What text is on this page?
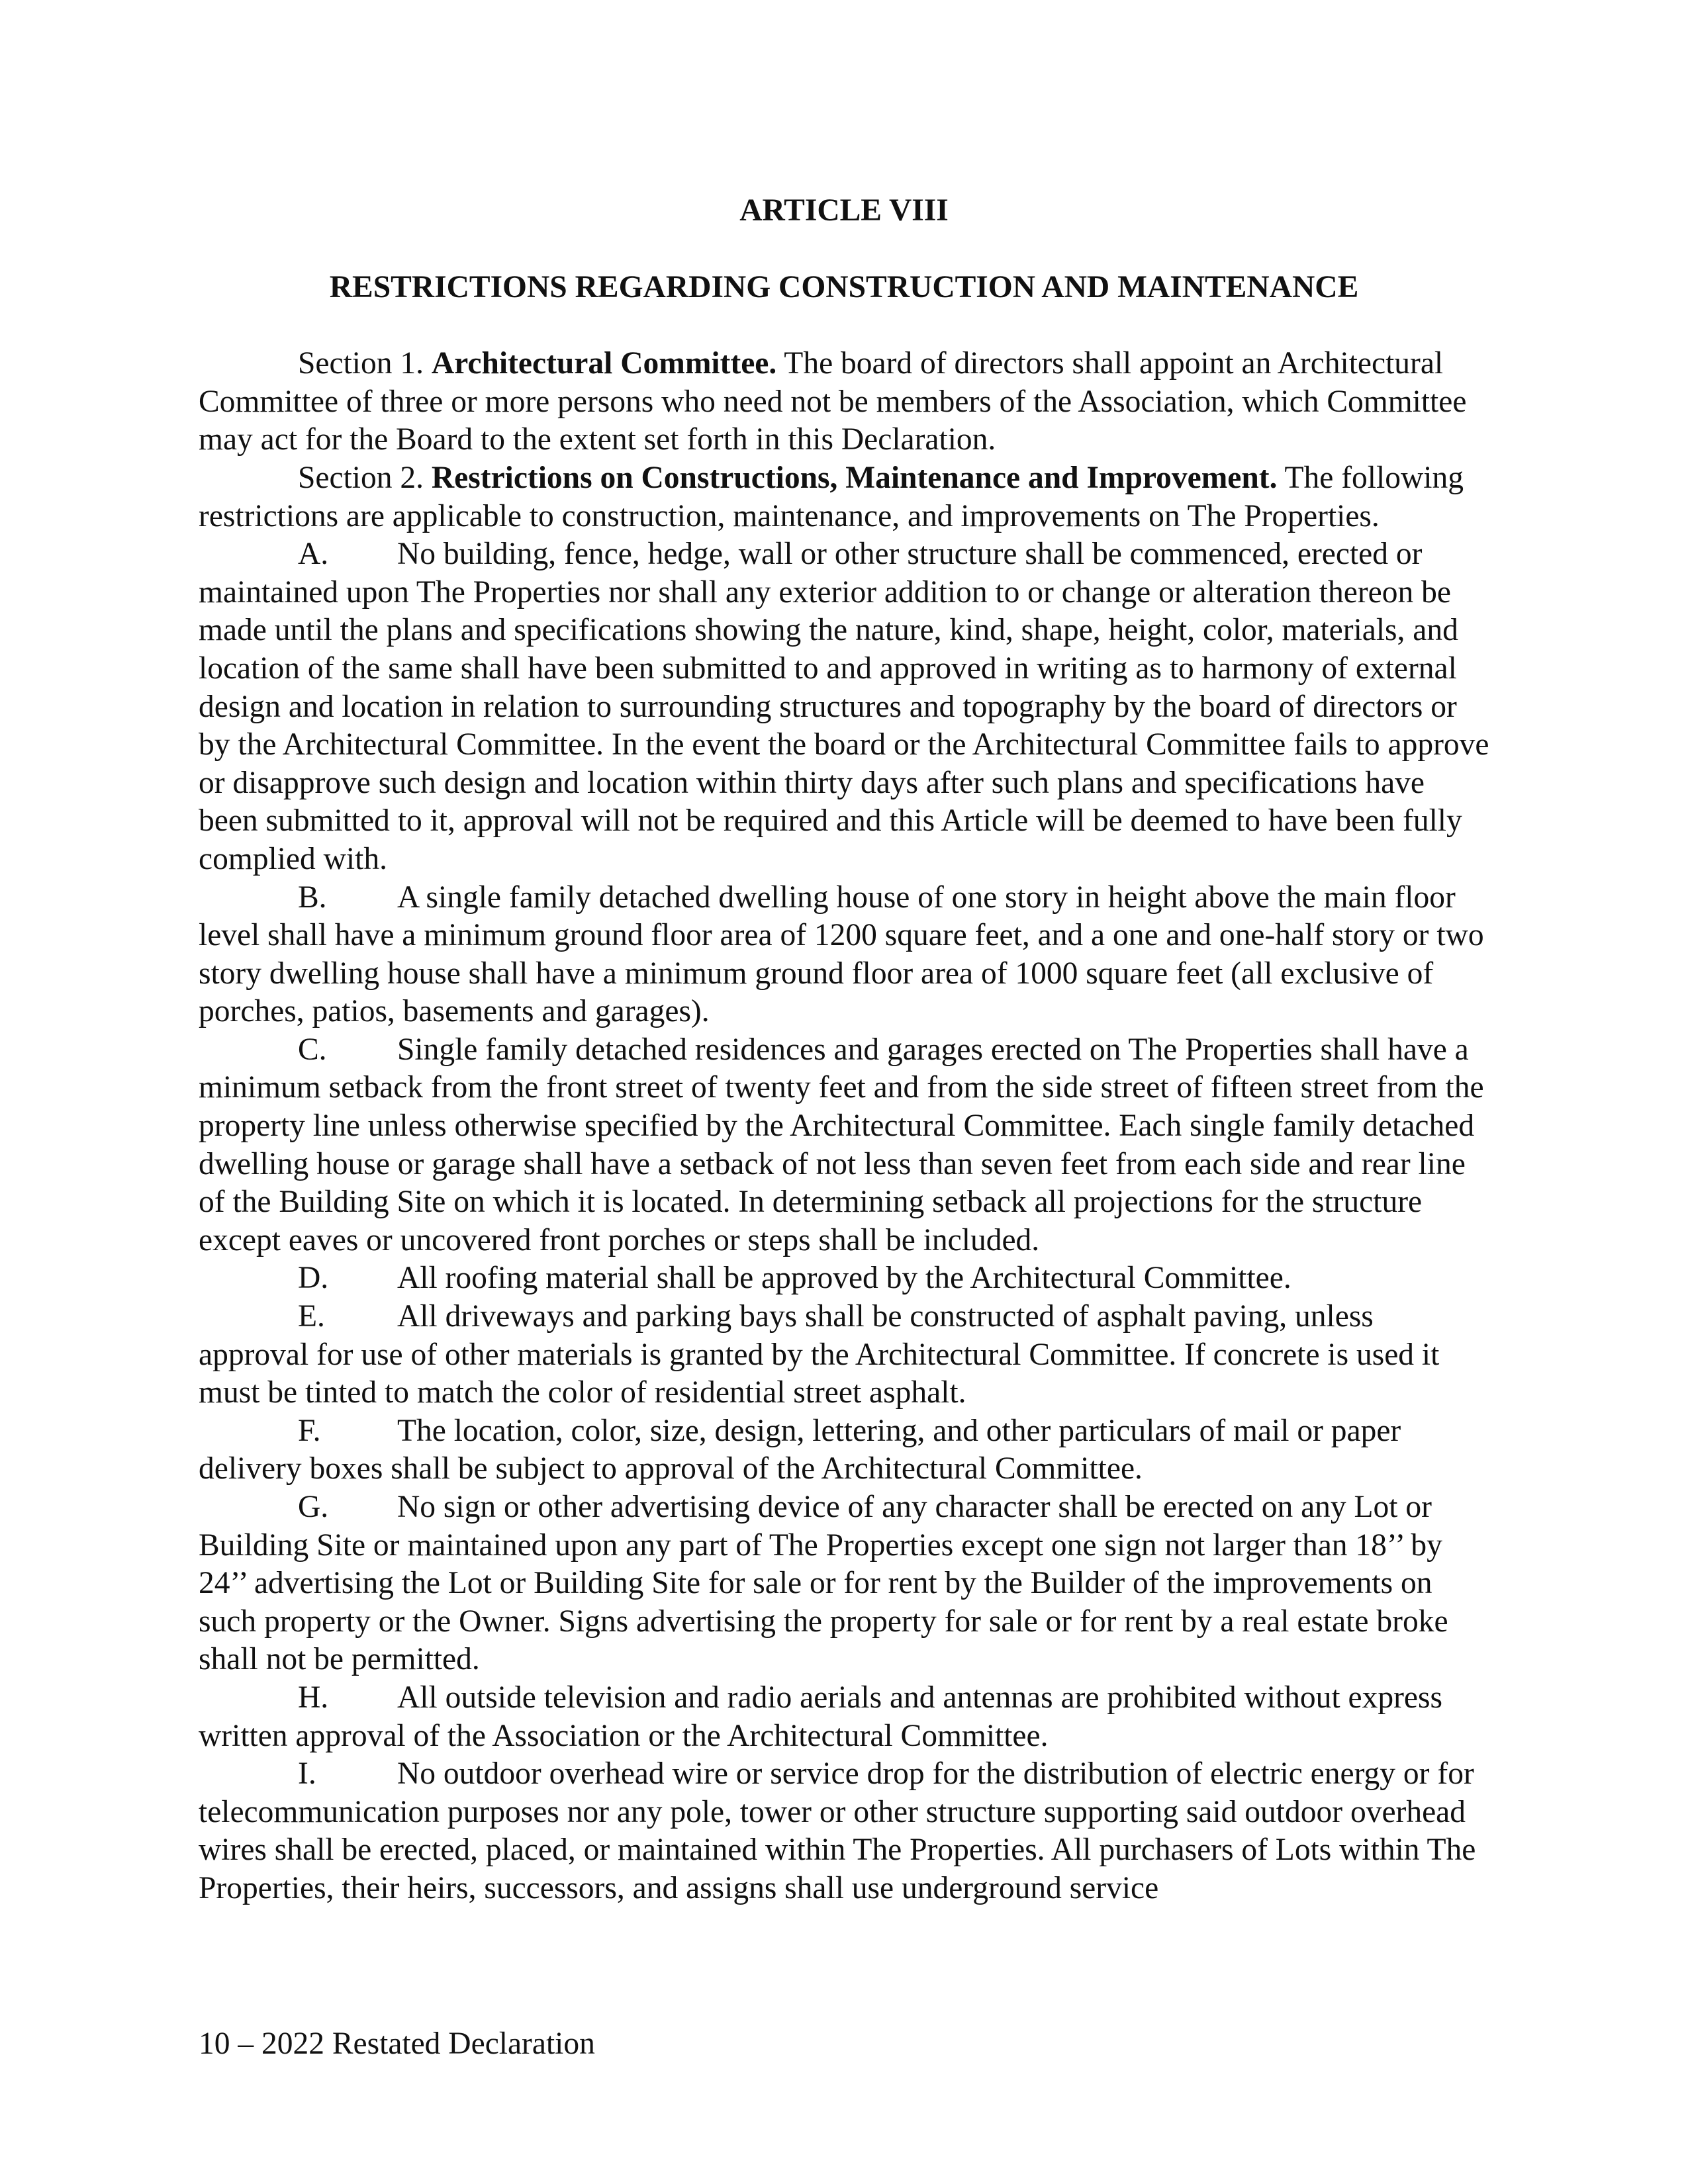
ARTICLE VIII
RESTRICTIONS REGARDING CONSTRUCTION AND MAINTENANCE

Section 1. Architectural Committee. The board of directors shall appoint an Architectural Committee of three or more persons who need not be members of the Association, which Committee may act for the Board to the extent set forth in this Declaration.

Section 2. Restrictions on Constructions, Maintenance and Improvement. The following restrictions are applicable to construction, maintenance, and improvements on The Properties.

A. No building, fence, hedge, wall or other structure shall be commenced, erected or maintained upon The Properties nor shall any exterior addition to or change or alteration thereon be made until the plans and specifications showing the nature, kind, shape, height, color, materials, and location of the same shall have been submitted to and approved in writing as to harmony of external design and location in relation to surrounding structures and topography by the board of directors or by the Architectural Committee. In the event the board or the Architectural Committee fails to approve or disapprove such design and location within thirty days after such plans and specifications have been submitted to it, approval will not be required and this Article will be deemed to have been fully complied with.

B. A single family detached dwelling house of one story in height above the main floor level shall have a minimum ground floor area of 1200 square feet, and a one and one-half story or two story dwelling house shall have a minimum ground floor area of 1000 square feet (all exclusive of porches, patios, basements and garages).

C. Single family detached residences and garages erected on The Properties shall have a minimum setback from the front street of twenty feet and from the side street of fifteen street from the property line unless otherwise specified by the Architectural Committee. Each single family detached dwelling house or garage shall have a setback of not less than seven feet from each side and rear line of the Building Site on which it is located. In determining setback all projections for the structure except eaves or uncovered front porches or steps shall be included.

D. All roofing material shall be approved by the Architectural Committee.

E. All driveways and parking bays shall be constructed of asphalt paving, unless approval for use of other materials is granted by the Architectural Committee. If concrete is used it must be tinted to match the color of residential street asphalt.

F. The location, color, size, design, lettering, and other particulars of mail or paper delivery boxes shall be subject to approval of the Architectural Committee.

G. No sign or other advertising device of any character shall be erected on any Lot or Building Site or maintained upon any part of The Properties except one sign not larger than 18’’ by 24’’ advertising the Lot or Building Site for sale or for rent by the Builder of the improvements on such property or the Owner. Signs advertising the property for sale or for rent by a real estate broke shall not be permitted.

H. All outside television and radio aerials and antennas are prohibited without express written approval of the Association or the Architectural Committee.

I.	No outdoor overhead wire or service drop for the distribution of electric energy or for telecommunication purposes nor any pole, tower or other structure supporting said outdoor overhead wires shall be erected, placed, or maintained within The Properties. All purchasers of Lots within The Properties, their heirs, successors, and assigns shall use underground service

10 – 2022 Restated Declaration
